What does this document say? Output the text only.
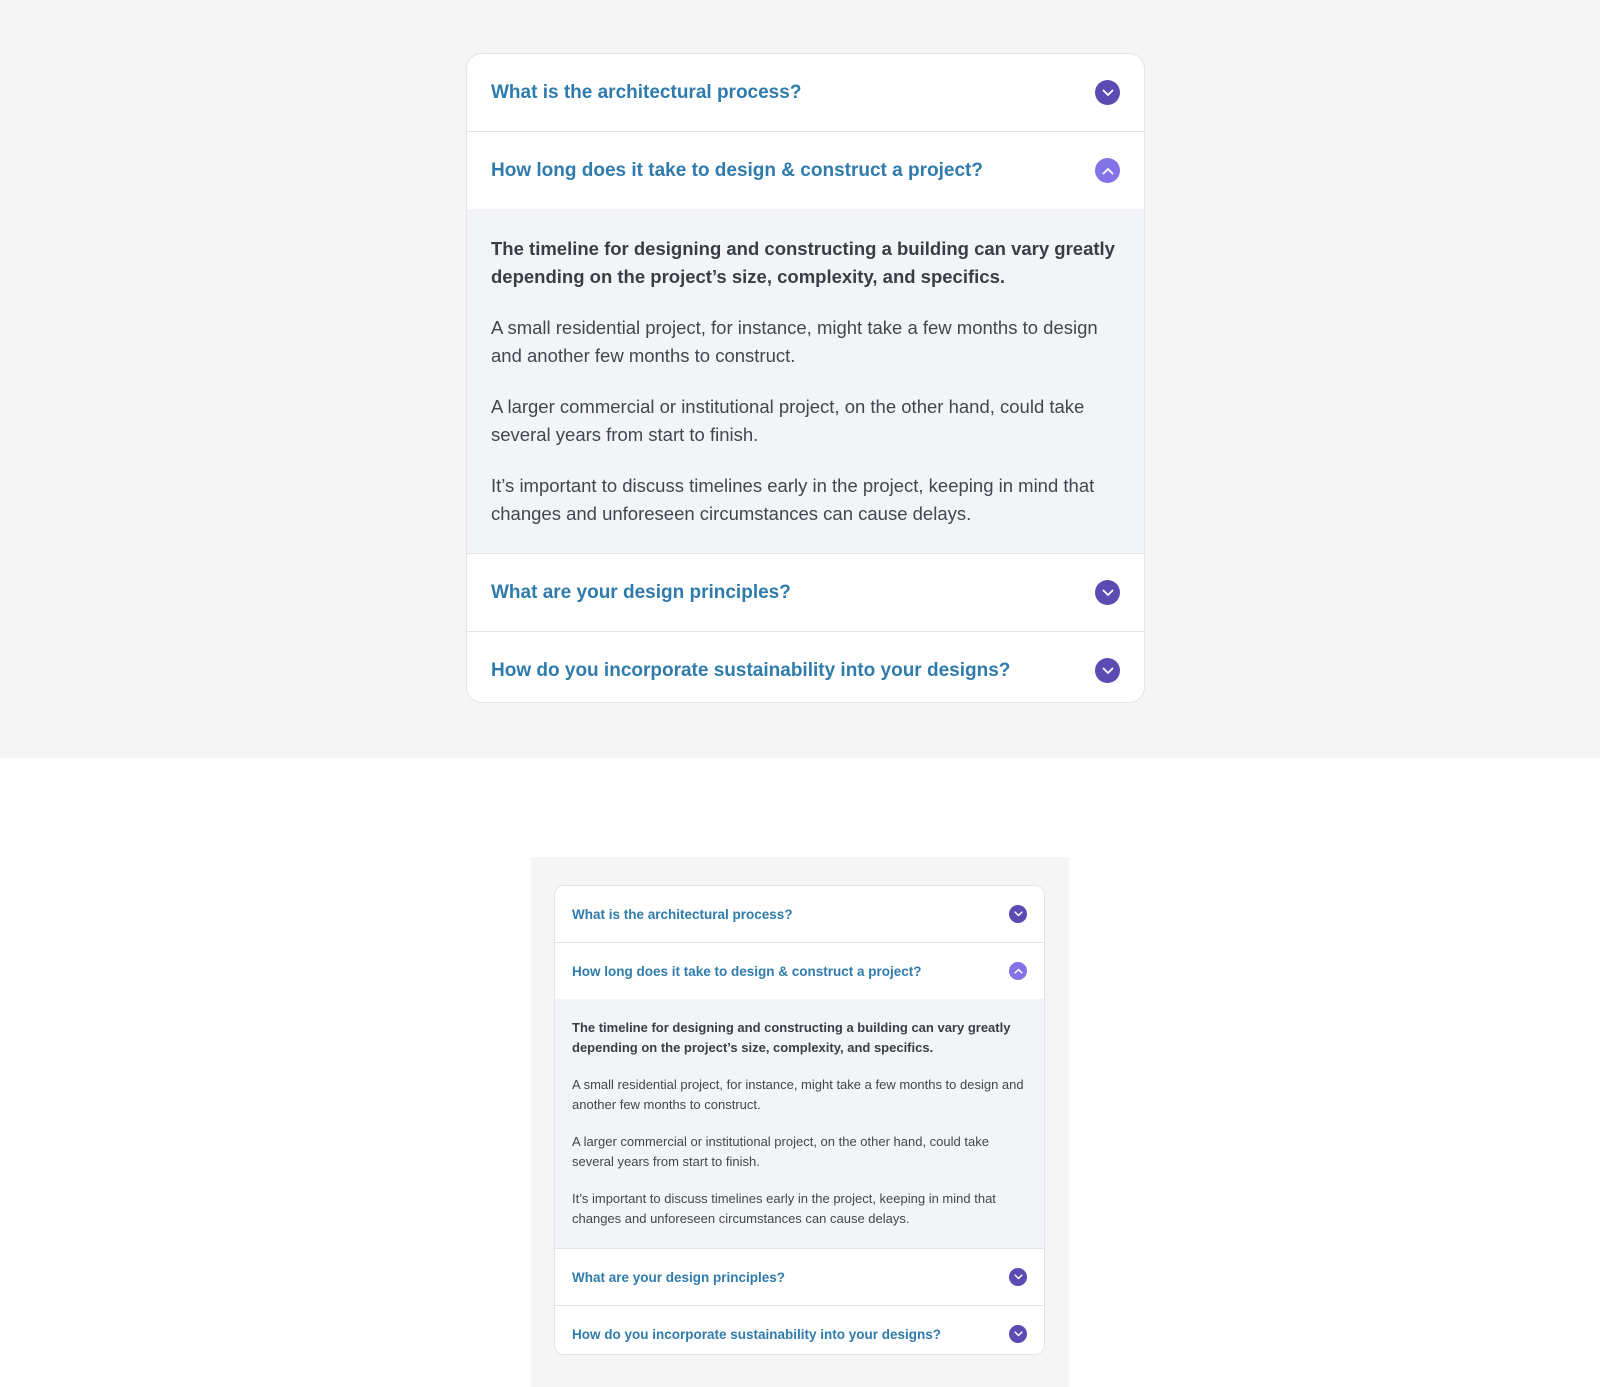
What is the architectural process?
How long does it take to design & construct a project?

The timeline for designing and constructing a building can vary greatly depending on the project’s size, complexity, and specifics.

A small residential project, for instance, might take a few months to design and another few months to construct.

A larger commercial or institutional project, on the other hand, could take several years from start to finish.

It’s important to discuss timelines early in the project, keeping in mind that changes and unforeseen circumstances can cause delays.

What are your design principles?
How do you incorporate sustainability into your designs?
What is the architectural process?
How long does it take to design & construct a project?

The timeline for designing and constructing a building can vary greatly depending on the project’s size, complexity, and specifics.

A small residential project, for instance, might take a few months to design and another few months to construct.

A larger commercial or institutional project, on the other hand, could take several years from start to finish.

It’s important to discuss timelines early in the project, keeping in mind that changes and unforeseen circumstances can cause delays.

What are your design principles?
How do you incorporate sustainability into your designs?
